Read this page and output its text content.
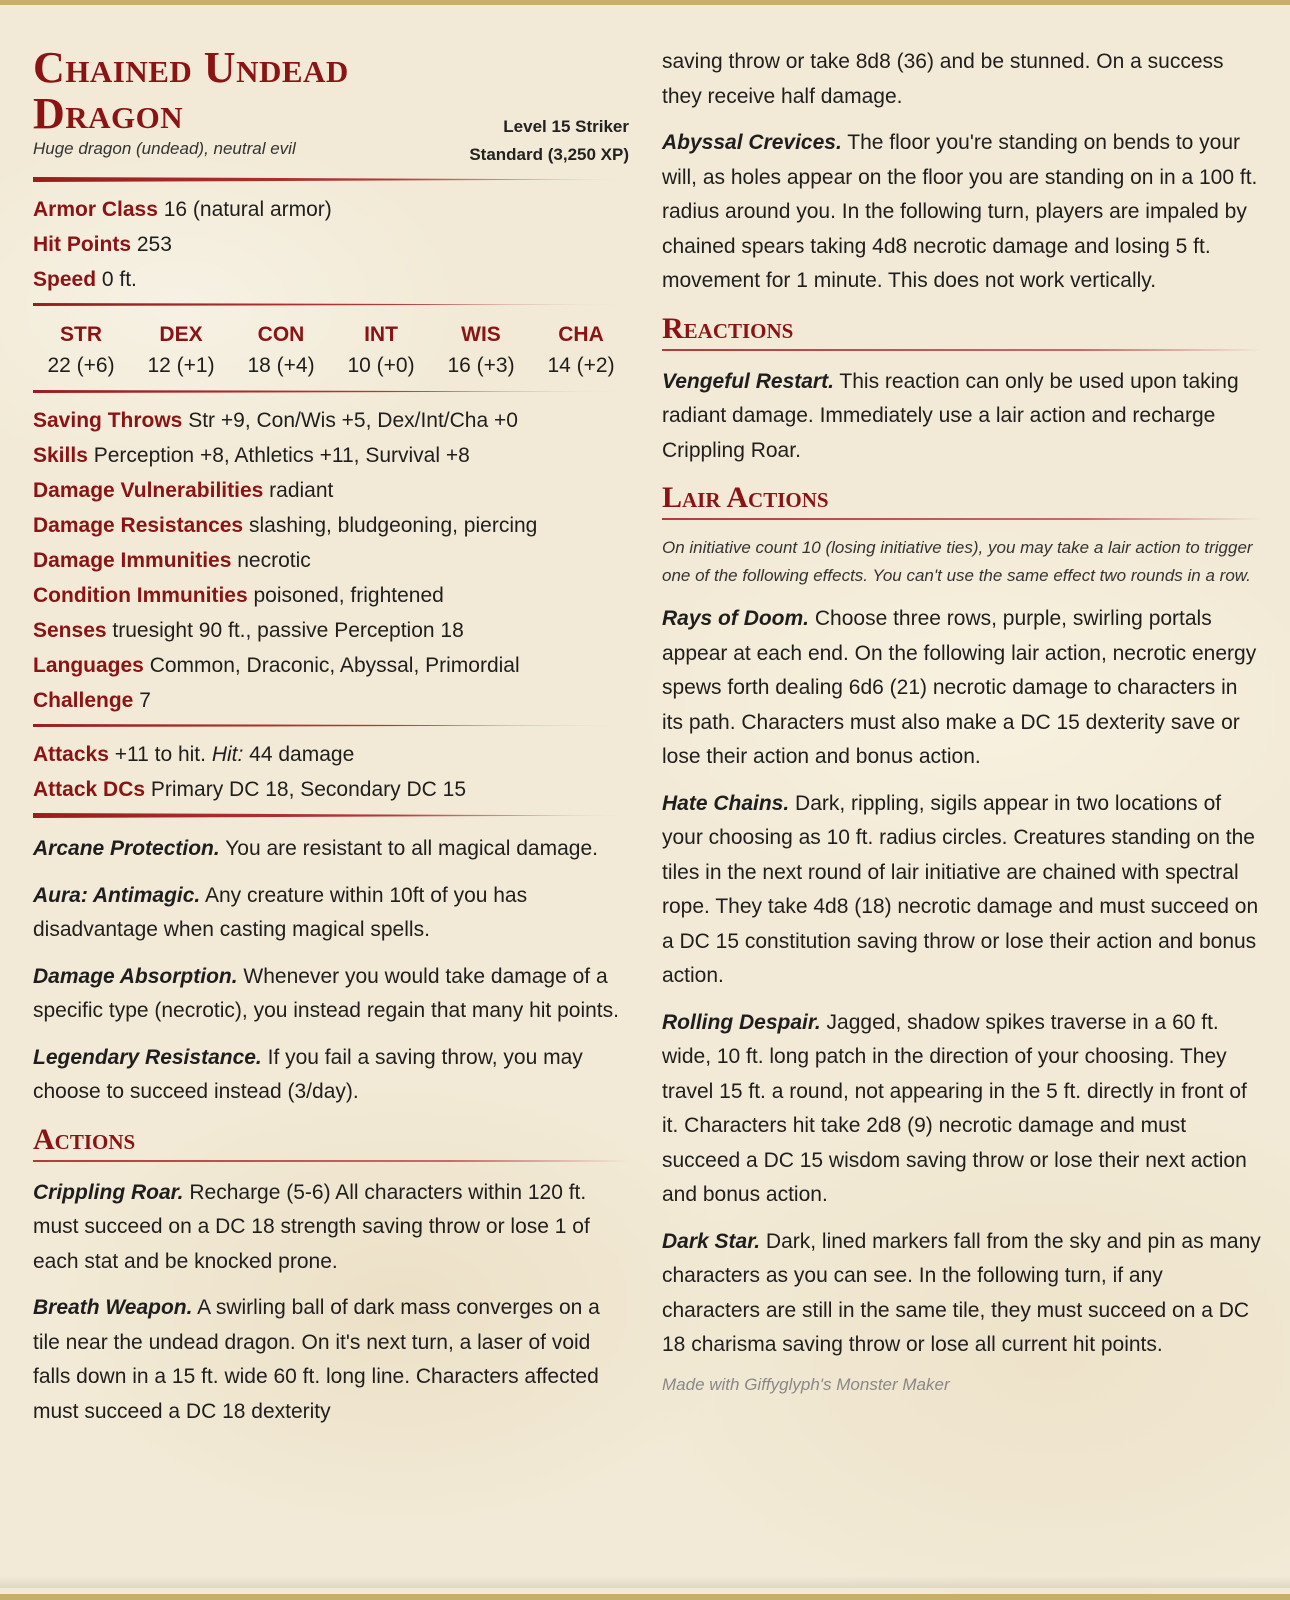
Chained Undead Dragon
Huge dragon (undead), neutral evil
Level 15 Striker
Standard (3,250 XP)
Armor Class 16 (natural armor)
Hit Points 253
Speed 0 ft.
STR
22 (+6)
DEX
12 (+1)
CON
18 (+4)
INT
10 (+0)
WIS
16 (+3)
CHA
14 (+2)
Saving Throws Str +9, Con/Wis +5, Dex/Int/Cha +0
Skills Perception +8, Athletics +11, Survival +8
Damage Vulnerabilities radiant
Damage Resistances slashing, bludgeoning, piercing
Damage Immunities necrotic
Condition Immunities poisoned, frightened
Senses truesight 90 ft., passive Perception 18
Languages Common, Draconic, Abyssal, Primordial
Challenge 7
Attacks +11 to hit. Hit: 44 damage
Attack DCs Primary DC 18, Secondary DC 15

Arcane Protection. You are resistant to all magical damage.

Aura: Antimagic. Any creature within 10ft of you has disadvantage when casting magical spells.

Damage Absorption. Whenever you would take damage of a specific type (necrotic), you instead regain that many hit points.

Legendary Resistance. If you fail a saving throw, you may choose to succeed instead (3/day).

Actions

Crippling Roar. Recharge (5-6) All characters within 120 ft. must succeed on a DC 18 strength saving throw or lose 1 of each stat and be knocked prone.

Breath Weapon. A swirling ball of dark mass converges on a tile near the undead dragon. On it's next turn, a laser of void falls down in a 15 ft. wide 60 ft. long line. Characters affected must succeed a DC 18 dexterity

saving throw or take 8d8 (36) and be stunned. On a success they receive half damage.

Abyssal Crevices. The floor you're standing on bends to your will, as holes appear on the floor you are standing on in a 100 ft. radius around you. In the following turn, players are impaled by chained spears taking 4d8 necrotic damage and losing 5 ft. movement for 1 minute. This does not work vertically.

Reactions

Vengeful Restart. This reaction can only be used upon taking radiant damage. Immediately use a lair action and recharge Crippling Roar.

Lair Actions

On initiative count 10 (losing initiative ties), you may take a lair action to trigger one of the following effects. You can't use the same effect two rounds in a row.

Rays of Doom. Choose three rows, purple, swirling portals appear at each end. On the following lair action, necrotic energy spews forth dealing 6d6 (21) necrotic damage to characters in its path. Characters must also make a DC 15 dexterity save or lose their action and bonus action.

Hate Chains. Dark, rippling, sigils appear in two locations of your choosing as 10 ft. radius circles. Creatures standing on the tiles in the next round of lair initiative are chained with spectral rope. They take 4d8 (18) necrotic damage and must succeed on a DC 15 constitution saving throw or lose their action and bonus action.

Rolling Despair. Jagged, shadow spikes traverse in a 60 ft. wide, 10 ft. long patch in the direction of your choosing. They travel 15 ft. a round, not appearing in the 5 ft. directly in front of it. Characters hit take 2d8 (9) necrotic damage and must succeed a DC 15 wisdom saving throw or lose their next action and bonus action.

Dark Star. Dark, lined markers fall from the sky and pin as many characters as you can see. In the following turn, if any characters are still in the same tile, they must succeed on a DC 18 charisma saving throw or lose all current hit points.

Made with Giffyglyph's Monster Maker
